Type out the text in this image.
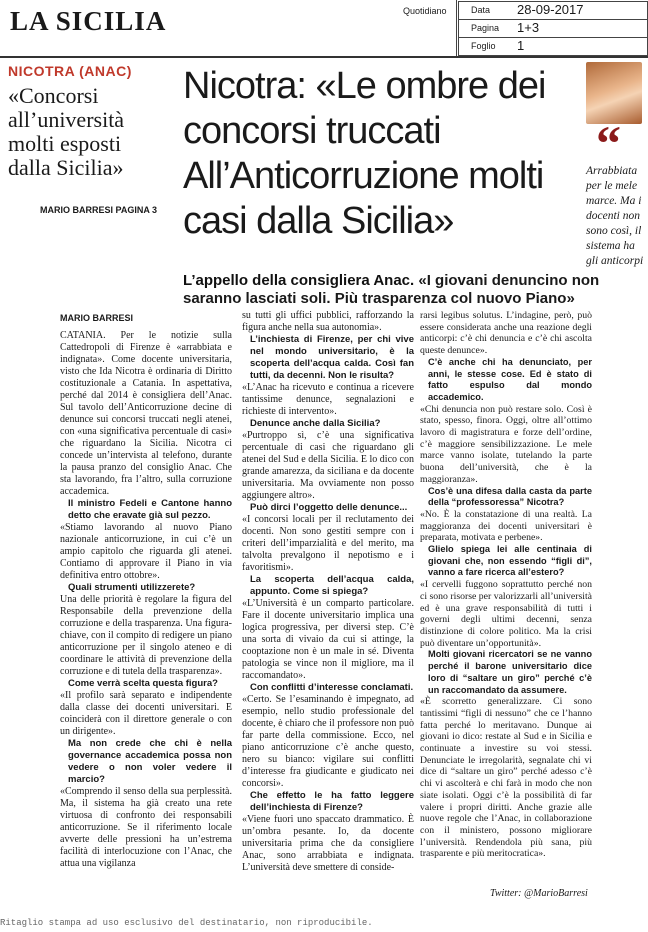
LA SICILIA	Quotidiano	Data 28-09-2017
Pagina 1+3
Foglio 1
NICOTRA (ANAC)
«Concorsi all’università molti esposti dalla Sicilia»
MARIO BARRESI PAGINA 3
Nicotra: «Le ombre dei concorsi truccati All’Anticorruzione molti casi dalla Sicilia»
“
Arrabbiata per le mele marce. Ma i docenti non sono così, il sistema ha gli anticorpi
L’appello della consigliera Anac. «I giovani denuncino non saranno lasciati soli. Più trasparenza col nuovo Piano»
MARIO BARRESI

CATANIA. Per le notizie sulla Cattedropoli di Firenze è «arrabbiata e indignata». Come docente universitaria, visto che Ida Nicotra è ordinaria di Diritto costituzionale a Catania. In aspettativa, perché dal 2014 è consigliera dell’Anac. Sul tavolo dell’Anticorruzione decine di denunce sui concorsi truccati negli atenei, con «una significativa percentuale di casi» che riguardano la Sicilia. Nicotra ci concede un’intervista al telefono, durante la pausa pranzo del consiglio Anac. Che sta lavorando, fra l’altro, sulla corruzione accademica.

Il ministro Fedeli e Cantone hanno detto che eravate già sul pezzo.

«Stiamo lavorando al nuovo Piano nazionale anticorruzione, in cui c’è un ampio capitolo che riguarda gli atenei. Contiamo di approvare il Piano in via definitiva entro ottobre».

Quali strumenti utilizzerete?

Una delle priorità è regolare la figura del Responsabile della prevenzione della corruzione e della trasparenza. Una figura-chiave, con il compito di redigere un piano anticorruzione per il singolo ateneo e di coordinare le attività di prevenzione della corruzione e di tutela della trasparenza».

Come verrà scelta questa figura?

«Il profilo sarà separato e indipendente dalla classe dei docenti universitari. E coinciderà con il direttore generale o con un dirigente».

Ma non crede che chi è nella governance accademica possa non vedere o non voler vedere il marcio?

«Comprendo il senso della sua perplessità. Ma, il sistema ha già creato una rete virtuosa di confronto dei responsabili anticorruzione. Se il riferimento locale avverte delle pressioni ha un’estrema facilità di interlocuzione con l’Anac, che attua una vigilanza

su tutti gli uffici pubblici, rafforzando la figura anche nella sua autonomia».

L’inchiesta di Firenze, per chi vive nel mondo universitario, è la scoperta dell’acqua calda. Così fan tutti, da decenni. Non le risulta?

«L’Anac ha ricevuto e continua a ricevere tantissime denunce, segnalazioni e richieste di intervento».

Denunce anche dalla Sicilia?

«Purtroppo sì, c’è una significativa percentuale di casi che riguardano gli atenei del Sud e della Sicilia. E lo dico con grande amarezza, da siciliana e da docente universitaria. Ma ovviamente non posso aggiungere altro».

Può dirci l’oggetto delle denunce...

«I concorsi locali per il reclutamento dei docenti. Non sono gestiti sempre con i criteri dell’imparzialità e del merito, ma talvolta prevalgono il nepotismo e i favoritismi».

La scoperta dell’acqua calda, appunto. Come si spiega?

«L’Università è un comparto particolare. Fare il docente universitario implica una logica progressiva, per diversi step. C’è una sorta di vivaio da cui si attinge, la cooptazione non è un male in sé. Diventa patologia se vince non il migliore, ma il raccomandato».

Con conflitti d’interesse conclamati.

«Certo. Se l’esaminando è impegnato, ad esempio, nello studio professionale del docente, è chiaro che il professore non può far parte della commissione. Ecco, nel piano anticorruzione c’è anche questo, nero su bianco: vigilare sui conflitti d’interesse fra giudicante e giudicato nei concorsi».

Che effetto le ha fatto leggere dell’inchiesta di Firenze?

«Viene fuori uno spaccato drammatico. È un’ombra pesante. Io, da docente universitaria prima che da consigliere Anac, sono arrabbiata e indignata. L’università deve smettere di conside-

rarsi legibus solutus. L’indagine, però, può essere considerata anche una reazione degli anticorpi: c’è chi denuncia e c’è chi ascolta queste denunce».

C’è anche chi ha denunciato, per anni, le stesse cose. Ed è stato di fatto espulso dal mondo accademico.

«Chi denuncia non può restare solo. Così è stato, spesso, finora. Oggi, oltre all’ottimo lavoro di magistratura e forze dell’ordine, c’è maggiore sensibilizzazione. Le mele marce vanno isolate, tutelando la parte buona dell’università, che è la maggioranza».

Cos’è una difesa dalla casta da parte della “professoressa” Nicotra?

«No. È la constatazione di una realtà. La maggioranza dei docenti universitari è preparata, motivata e perbene».

Glielo spiega lei alle centinaia di giovani che, non essendo “figli di”, vanno a fare ricerca all’estero?

«I cervelli fuggono soprattutto perché non ci sono risorse per valorizzarli all’università ed è una grave responsabilità di tutti i governi degli ultimi decenni, senza distinzione di colore politico. Ma la crisi può diventare un’opportunità».

Molti giovani ricercatori se ne vanno perché il barone universitario dice loro di “saltare un giro” perché c’è un raccomandato da assumere.

«È scorretto generalizzare. Ci sono tantissimi “figli di nessuno” che ce l’hanno fatta perché lo meritavano. Dunque ai giovani io dico: restate al Sud e in Sicilia e continuate a investire su voi stessi. Denunciate le irregolarità, segnalate chi vi dice di “saltare un giro” perché adesso c’è chi vi ascolterà e chi farà in modo che non siate isolati. Oggi c’è la possibilità di far valere i propri diritti. Anche grazie alle nuove regole che l’Anac, in collaborazione con il ministero, possono migliorare l’università. Rendendola più sana, più trasparente e più meritocratica».

Twitter: @MarioBarresi
Ritaglio stampa ad uso esclusivo del destinatario, non riproducibile.
